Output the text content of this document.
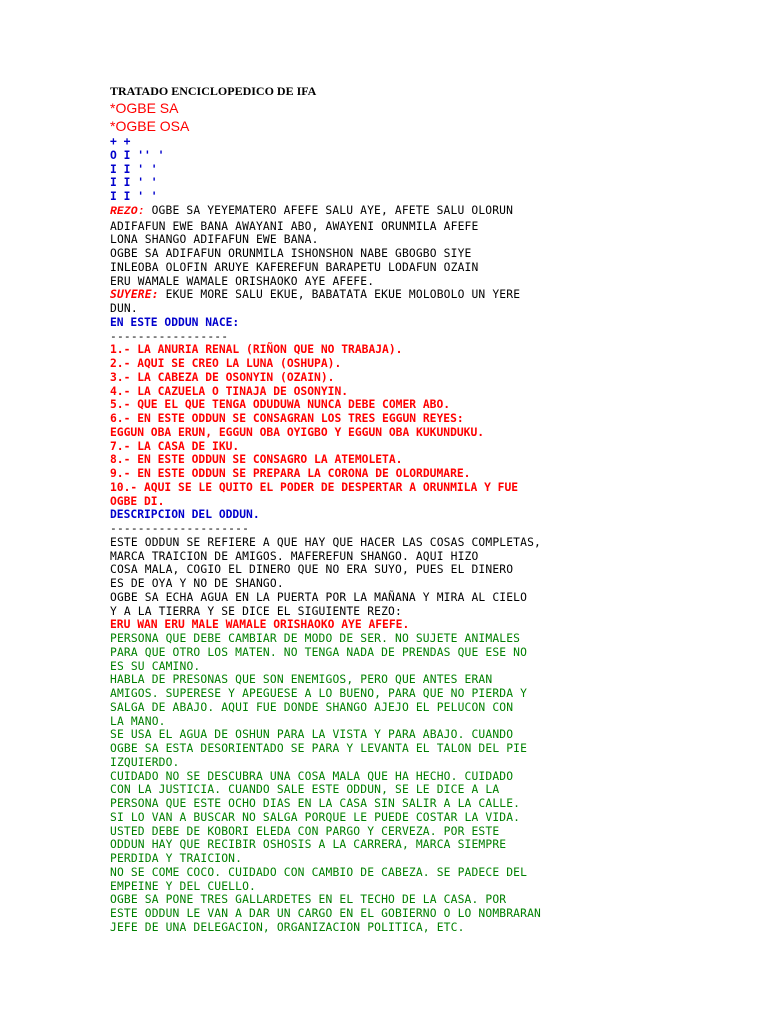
TRATADO ENCICLOPEDICO DE IFA
*OGBE SA
*OGBE OSA
+ +
O I '' '
I I ' '
I I ' '
I I ' '
REZO: OGBE SA YEYEMATERO AFEFE SALU AYE, AFETE SALU OLORUN
ADIFAFUN EWE BANA AWAYANI ABO, AWAYENI ORUNMILA AFEFE
LONA SHANGO ADIFAFUN EWE BANA.
OGBE SA ADIFAFUN ORUNMILA ISHONSHON NABE GBOGBO SIYE
INLEOBA OLOFIN ARUYE KAFEREFUN BARAPETU LODAFUN OZAIN
ERU WAMALE WAMALE ORISHAOKO AYE AFEFE.
SUYERE: EKUE MORE SALU EKUE, BABATATA EKUE MOLOBOLO UN YERE
DUN.
EN ESTE ODDUN NACE:
-----------------
1.- LA ANURIA RENAL (RIÑON QUE NO TRABAJA).
2.- AQUI SE CREO LA LUNA (OSHUPA).
3.- LA CABEZA DE OSONYIN (OZAIN).
4.- LA CAZUELA O TINAJA DE OSONYIN.
5.- QUE EL QUE TENGA ODUDUWA NUNCA DEBE COMER ABO.
6.- EN ESTE ODDUN SE CONSAGRAN LOS TRES EGGUN REYES:
EGGUN OBA ERUN, EGGUN OBA OYIGBO Y EGGUN OBA KUKUNDUKU.
7.- LA CASA DE IKU.
8.- EN ESTE ODDUN SE CONSAGRO LA ATEMOLETA.
9.- EN ESTE ODDUN SE PREPARA LA CORONA DE OLORDUMARE.
10.- AQUI SE LE QUITO EL PODER DE DESPERTAR A ORUNMILA Y FUE
OGBE DI.
DESCRIPCION DEL ODDUN.
--------------------
ESTE ODDUN SE REFIERE A QUE HAY QUE HACER LAS COSAS COMPLETAS,
MARCA TRAICION DE AMIGOS. MAFEREFUN SHANGO. AQUI HIZO
COSA MALA, COGIO EL DINERO QUE NO ERA SUYO, PUES EL DINERO
ES DE OYA Y NO DE SHANGO.
OGBE SA ECHA AGUA EN LA PUERTA POR LA MAÑANA Y MIRA AL CIELO
Y A LA TIERRA Y SE DICE EL SIGUIENTE REZO:
ERU WAN ERU MALE WAMALE ORISHAOKO AYE AFEFE.
PERSONA QUE DEBE CAMBIAR DE MODO DE SER. NO SUJETE ANIMALES
PARA QUE OTRO LOS MATEN. NO TENGA NADA DE PRENDAS QUE ESE NO
ES SU CAMINO.
HABLA DE PRESONAS QUE SON ENEMIGOS, PERO QUE ANTES ERAN
AMIGOS. SUPERESE Y APEGUESE A LO BUENO, PARA QUE NO PIERDA Y
SALGA DE ABAJO. AQUI FUE DONDE SHANGO AJEJO EL PELUCON CON
LA MANO.
SE USA EL AGUA DE OSHUN PARA LA VISTA Y PARA ABAJO. CUANDO
OGBE SA ESTA DESORIENTADO SE PARA Y LEVANTA EL TALON DEL PIE
IZQUIERDO.
CUIDADO NO SE DESCUBRA UNA COSA MALA QUE HA HECHO. CUIDADO
CON LA JUSTICIA. CUANDO SALE ESTE ODDUN, SE LE DICE A LA
PERSONA QUE ESTE OCHO DIAS EN LA CASA SIN SALIR A LA CALLE.
SI LO VAN A BUSCAR NO SALGA PORQUE LE PUEDE COSTAR LA VIDA.
USTED DEBE DE KOBORI ELEDA CON PARGO Y CERVEZA. POR ESTE
ODDUN HAY QUE RECIBIR OSHOSIS A LA CARRERA, MARCA SIEMPRE
PERDIDA Y TRAICION.
NO SE COME COCO. CUIDADO CON CAMBIO DE CABEZA. SE PADECE DEL
EMPEINE Y DEL CUELLO.
OGBE SA PONE TRES GALLARDETES EN EL TECHO DE LA CASA. POR
ESTE ODDUN LE VAN A DAR UN CARGO EN EL GOBIERNO O LO NOMBRARAN
JEFE DE UNA DELEGACION, ORGANIZACION POLITICA, ETC.
